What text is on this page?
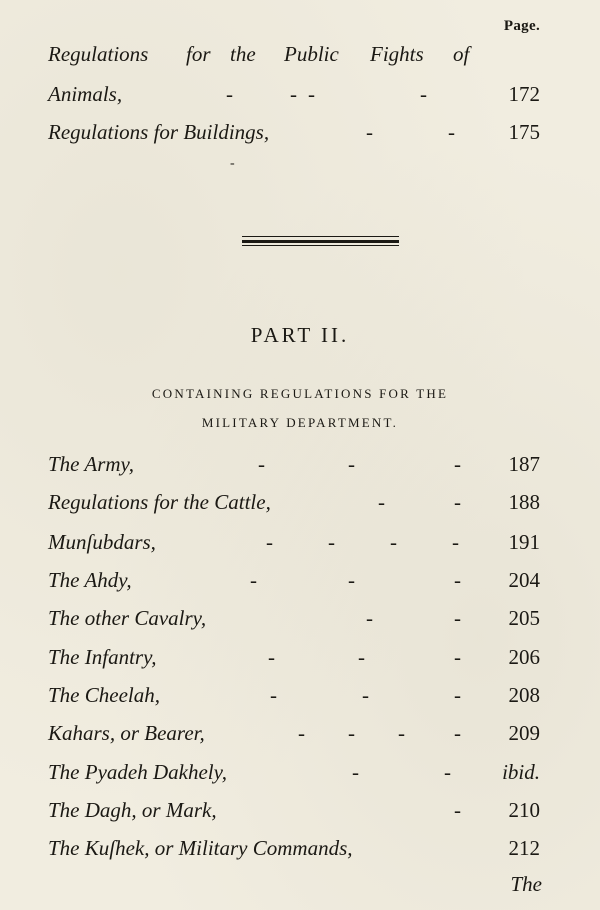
Page.
Regulations for the Public Fights of
Animals,	-	- -	-	172
Regulations for Buildings,	-	-	175
-
PART II.
CONTAINING REGULATIONS FOR THE
MILITARY DEPARTMENT.
The Army,	-	-	- 187
Regulations for the Cattle,	-	- 188
Munſubdars,	-	-	-	- 191
The Ahdy,	-	-	- 204
The other Cavalry,	-	- 205
The Infantry,	-	-	- 206
The Cheelah,	-	-	- 208
Kahars, or Bearer,	- - - - 209
The Pyadeh Dakhely,	-	- ibid.
The Dagh, or Mark,	- 210
The Kuſhek, or Military Commands,	212
The
